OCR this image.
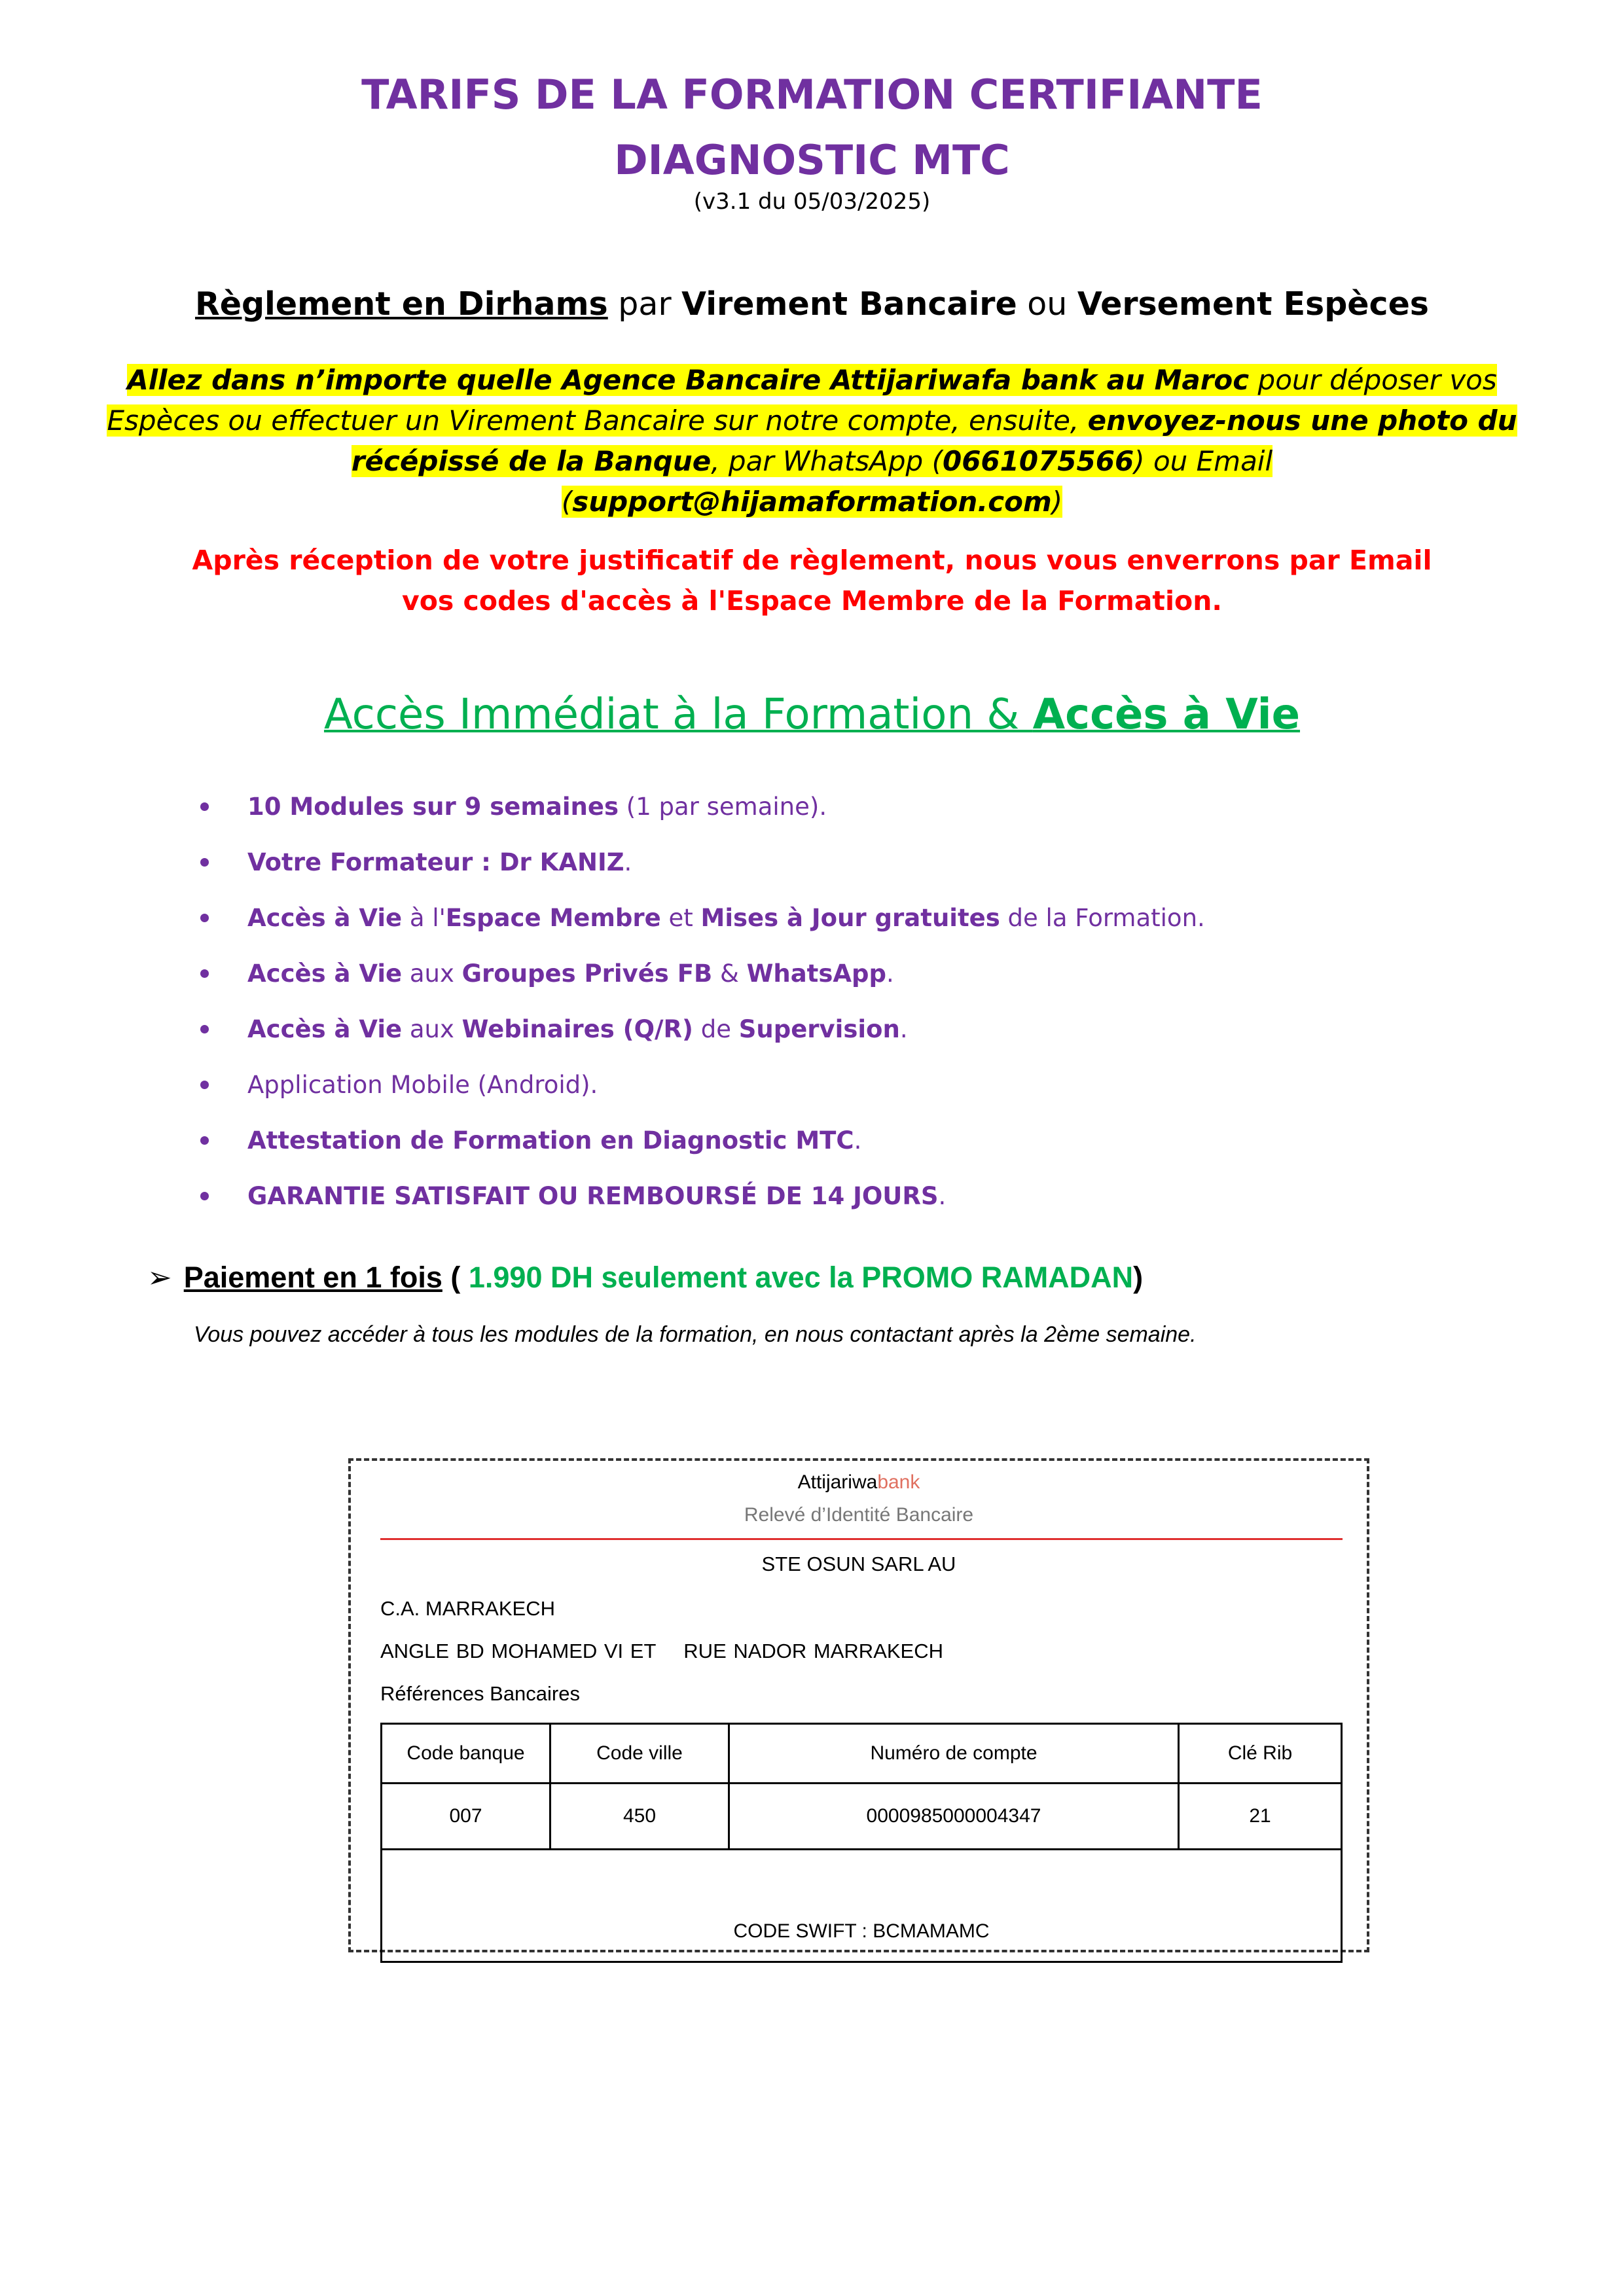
TARIFS DE LA FORMATION CERTIFIANTE
DIAGNOSTIC MTC
(v3.1 du 05/03/2025)
Règlement en Dirhams par Virement Bancaire ou Versement Espèces
Allez dans n’importe quelle Agence Bancaire Attijariwafa bank au Maroc pour déposer vos Espèces ou effectuer un Virement Bancaire sur notre compte, ensuite, envoyez-nous une photo du récépissé de la Banque, par WhatsApp (0661075566) ou Email (support@hijamaformation.com)
Après réception de votre justificatif de règlement, nous vous enverrons par Email
vos codes d'accès à l'Espace Membre de la Formation.
Accès Immédiat à la Formation & Accès à Vie
10 Modules sur 9 semaines (1 par semaine).
Votre Formateur : Dr KANIZ.
Accès à Vie à l'Espace Membre et Mises à Jour gratuites de la Formation.
Accès à Vie aux Groupes Privés FB & WhatsApp.
Accès à Vie aux Webinaires (Q/R) de Supervision.
Application Mobile (Android).
Attestation de Formation en Diagnostic MTC.
GARANTIE SATISFAIT OU REMBOURSÉ DE 14 JOURS.
➢ Paiement en 1 fois ( 1.990 DH seulement avec la PROMO RAMADAN)
Vous pouvez accéder à tous les modules de la formation, en nous contactant après la 2ème semaine.
Attijariwabank
Relevé d’Identité Bancaire
STE OSUN SARL AU
C.A. MARRAKECH
ANGLE BD MOHAMED VI ET    RUE NADOR MARRAKECH
Références Bancaires
Code banque	Code ville	Numéro de compte	Clé Rib
007	450	0000985000004347	21
CODE SWIFT : BCMAMAMC			
